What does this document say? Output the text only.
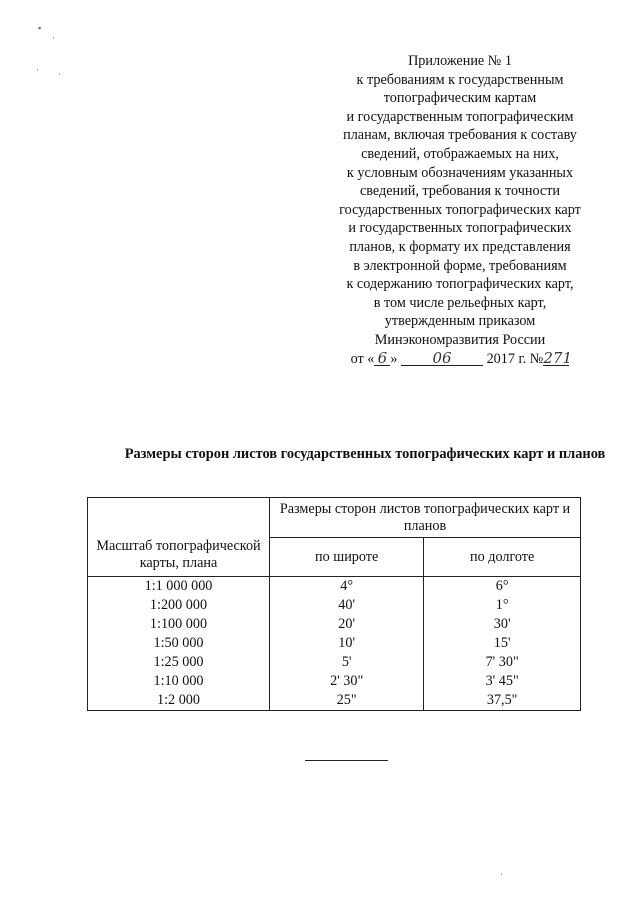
▪
·
· ·
·
Приложение № 1
к требованиям к государственным
топографическим картам
и государственным топографическим
планам, включая требования к составу
сведений, отображаемых на них,
к условным обозначениям указанных
сведений, требования к точности
государственных топографических карт
и государственных топографических
планов, к формату их представления
в электронной форме, требованиям
к содержанию топографических карт,
в том числе рельефных карт,
утвержденным приказом
Минэкономразвития России
от « 6 » 06 2017 г. №271
Размеры сторон листов государственных топографических карт и планов
Масштаб топографической карты, плана	Размеры сторон листов топографических карт и планов	
	по широте	по долготе
1:1 000 000	4°	6°
1:200 000	40'	1°
1:100 000	20'	30'
1:50 000	10'	15'
1:25 000	5'	7' 30"
1:10 000	2' 30"	3' 45"
1:2 000	25"	37,5"
